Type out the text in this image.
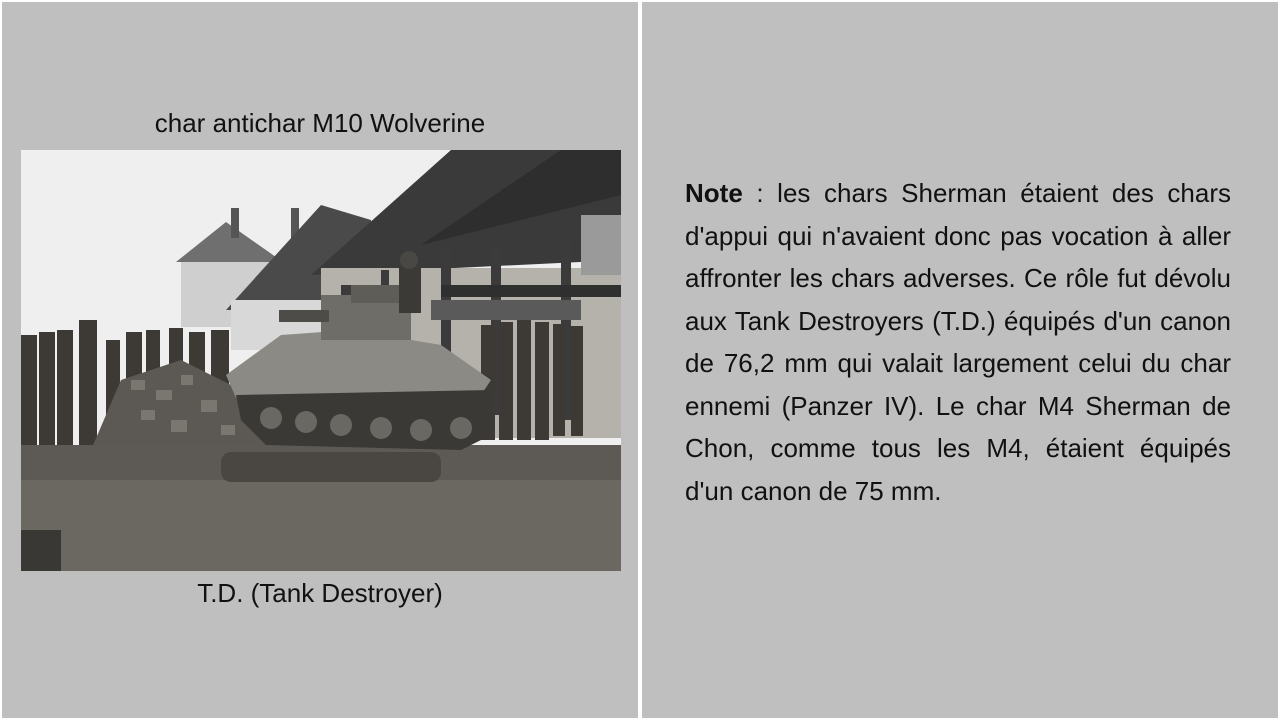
char antichar M10 Wolverine
T.D. (Tank Destroyer)
Note : les chars Sherman étaient des chars d'appui qui n'avaient donc pas vocation à aller affronter les chars adverses. Ce rôle fut dévolu aux Tank Destroyers (T.D.) équipés d'un canon de 76,2 mm qui valait largement celui du char ennemi (Panzer IV). Le char M4 Sherman de Chon, comme tous les M4, étaient équipés d'un canon de 75 mm.
